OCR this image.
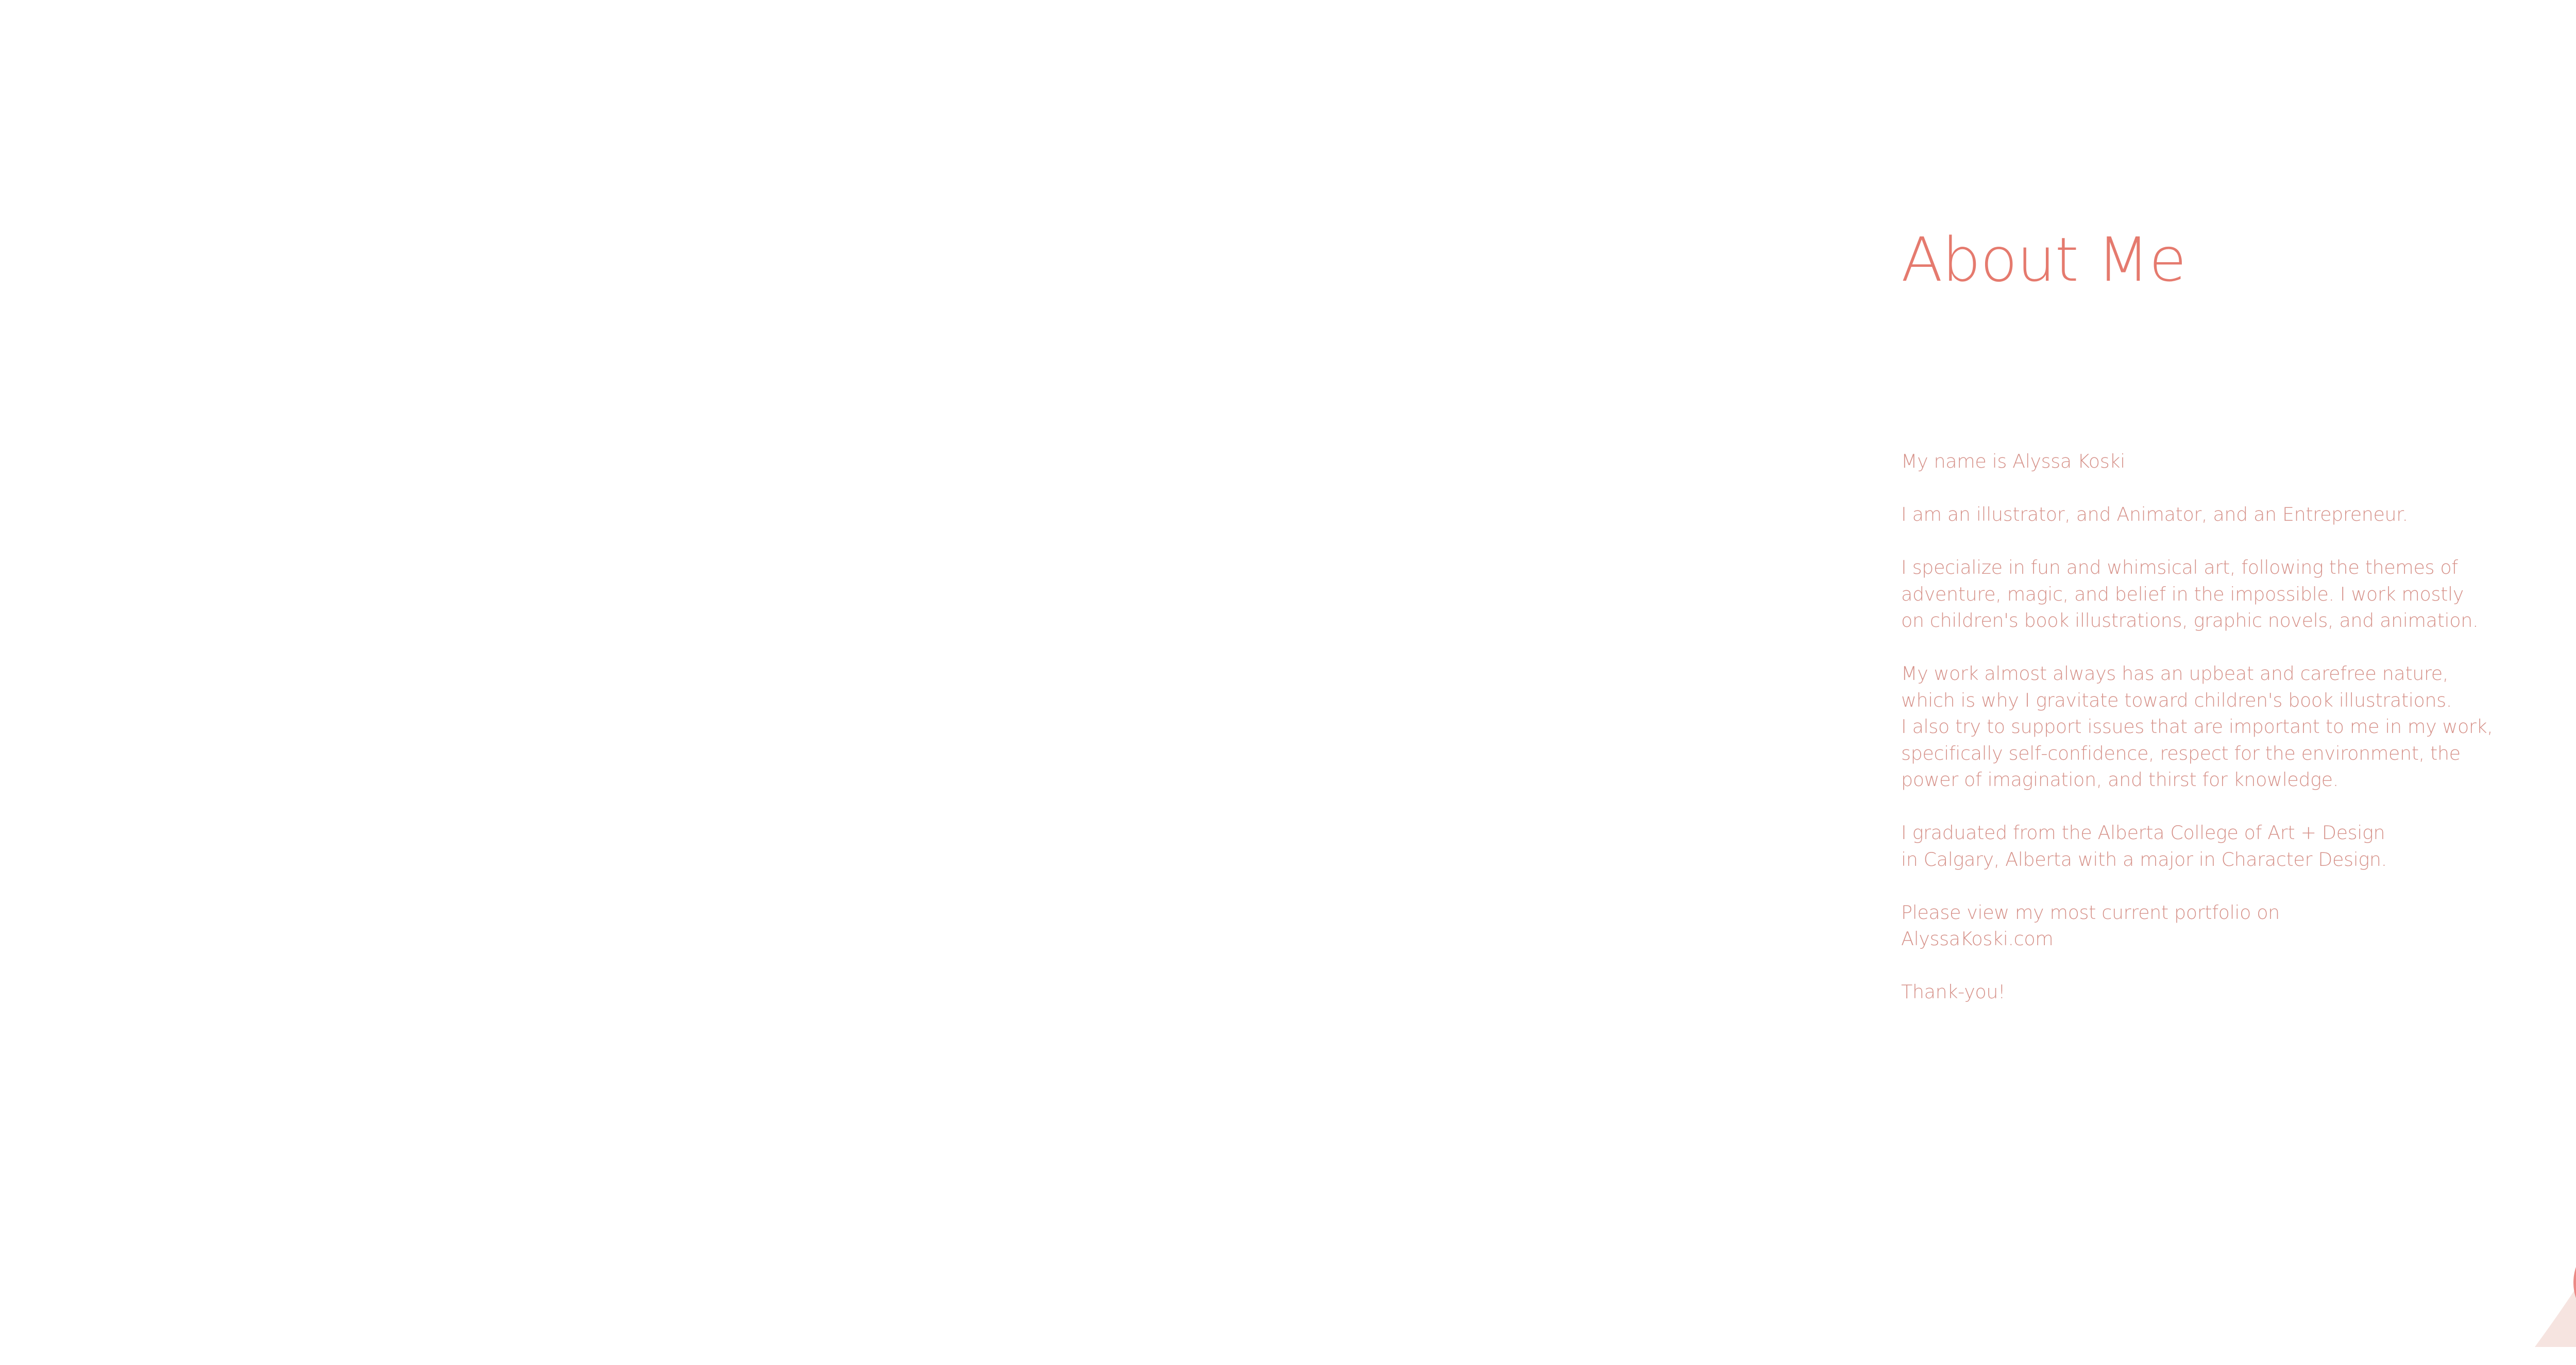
About Me

My name is Alyssa Koski

I am an illustrator, and Animator, and an Entrepreneur.

I specialize in fun and whimsical art, following the themes of
adventure, magic, and belief in the impossible. I work mostly
on children's book illustrations, graphic novels, and animation.

My work almost always has an upbeat and carefree nature,
which is why I gravitate toward children's book illustrations.
I also try to support issues that are important to me in my work,
specifically self-confidence, respect for the environment, the
power of imagination, and thirst for knowledge.

I graduated from the Alberta College of Art + Design
in Calgary, Alberta with a major in Character Design.

Please view my most current portfolio on
AlyssaKoski.com

Thank-you!
